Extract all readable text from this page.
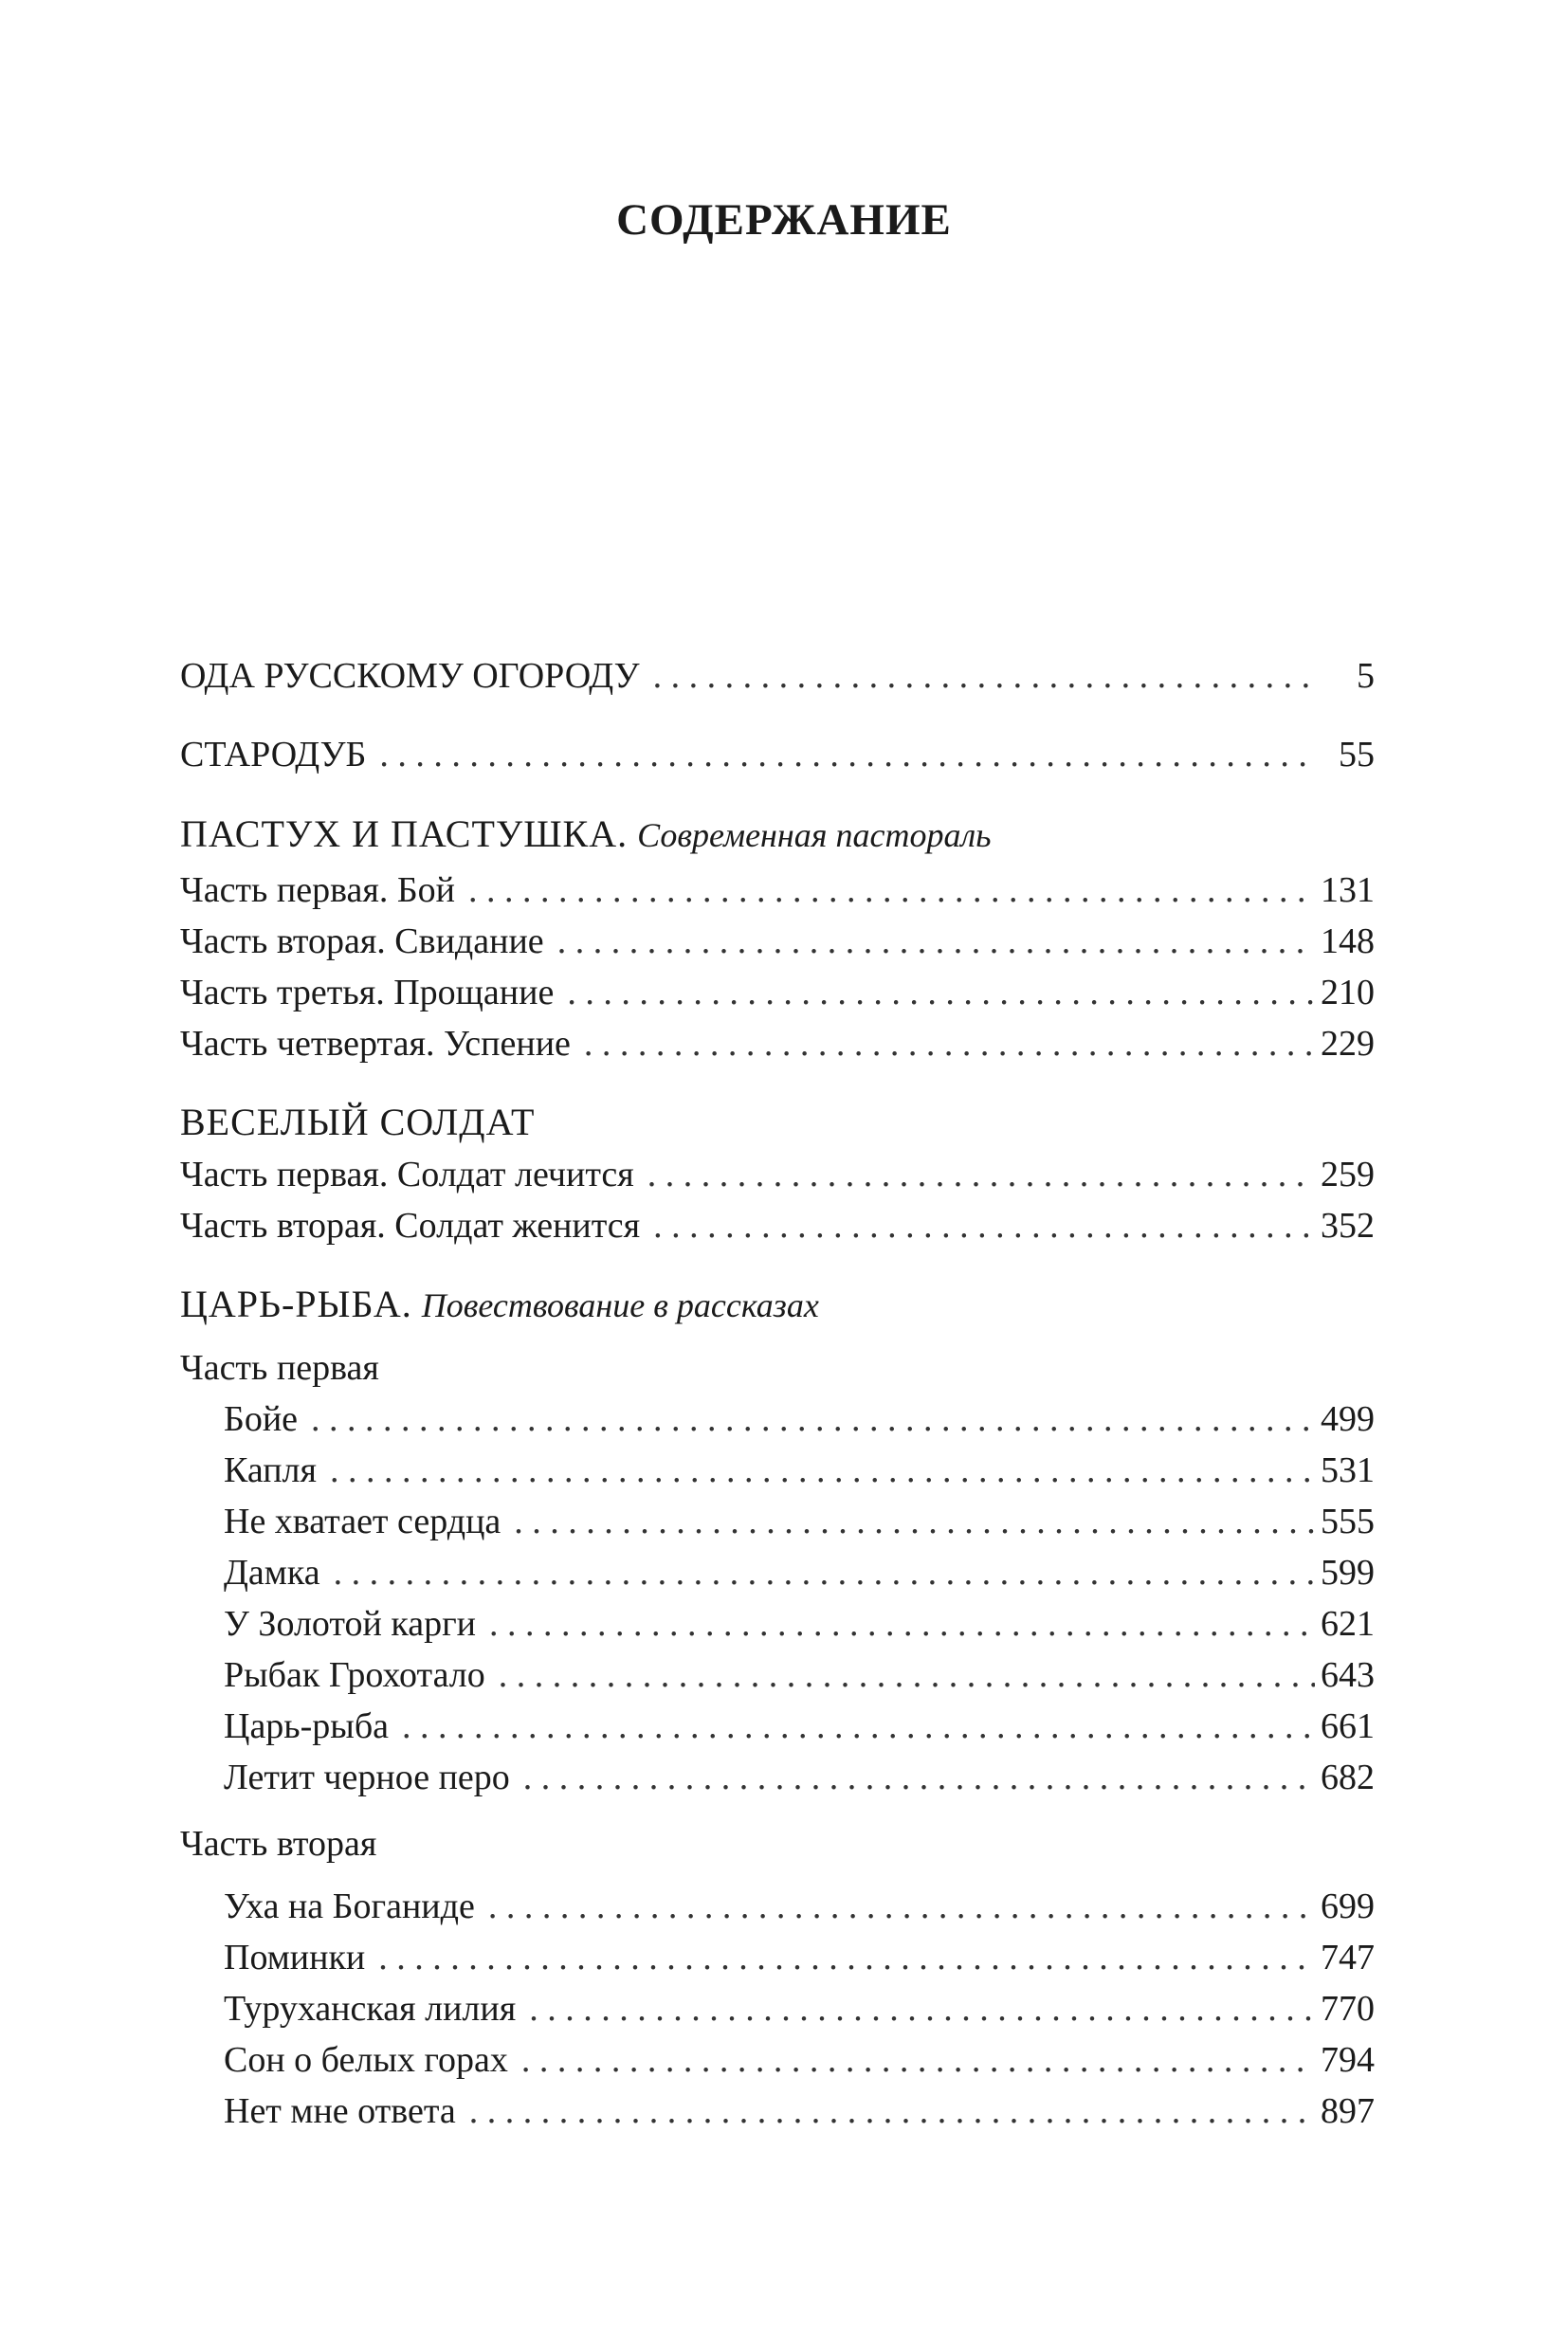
СОДЕРЖАНИЕ
ОДА РУССКОМУ ОГОРОДУ . . .	5
СТАРОДУБ . . .	55
ПАСТУХ И ПАСТУШКА. Современная пастораль
Часть первая. Бой . . .	131
Часть вторая. Свидание . . .	148
Часть третья. Прощание . . .	210
Часть четвертая. Успение . . .	229
ВЕСЕЛЫЙ СОЛДАТ
Часть первая. Солдат лечится . . .	259
Часть вторая. Солдат женится . . .	352
ЦАРЬ-РЫБА. Повествование в рассказах
Часть первая
Бойе . . .	499
Капля . . .	531
Не хватает сердца . . .	555
Дамка . . .	599
У Золотой карги . . .	621
Рыбак Грохотало . . .	643
Царь-рыба . . .	661
Летит черное перо . . .	682
Часть вторая
Уха на Боганиде . . .	699
Поминки . . .	747
Туруханская лилия . . .	770
Сон о белых горах . . .	794
Нет мне ответа . . .	897
